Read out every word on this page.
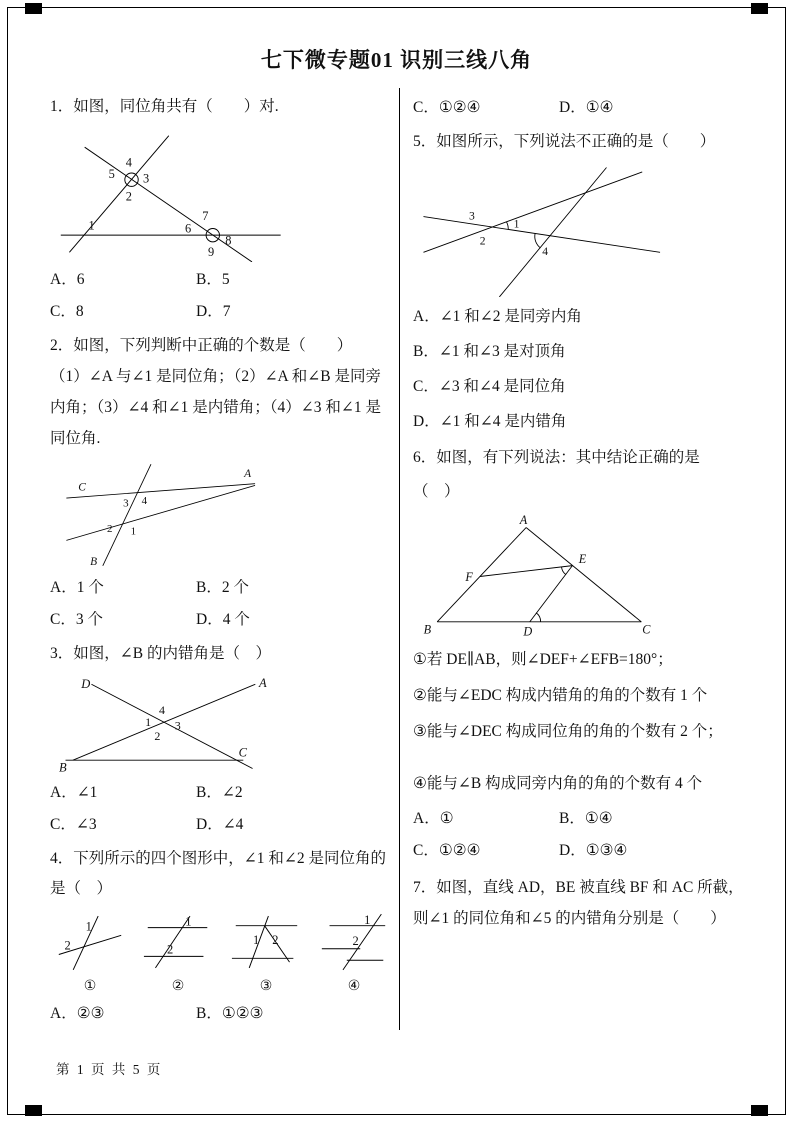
七下微专题01 识别三线八角

1．如图，同位角共有（　　）对.

4
5 3
2
1
7
6
8
9
A．6	B．5
C．8	D．7

2．如图，下列判断中正确的个数是（　　）

（1）∠A 与∠1 是同位角；（2）∠A 和∠B 是同旁内角；（3）∠4 和∠1 是内错角；（4）∠3 和∠1 是同位角.

C
A
B
3 4
2 1
A．1 个	B．2 个
C．3 个	D．4 个

3．如图，∠B 的内错角是（　）

D	A
B
C
4
1 3
2
A．∠1	B．∠2
C．∠3	D．∠4

4．下列所示的四个图形中，∠1 和∠2 是同位角的是（　）

1
2
①
1
2
②
1 2
③
1
2
④
A．②③	B．①②③
C．①②④	D．①④

5．如图所示，下列说法不正确的是（　　）

3
1
2
4

A．∠1 和∠2 是同旁内角

B．∠1 和∠3 是对顶角

C．∠3 和∠4 是同位角

D．∠1 和∠4 是内错角

6．如图，有下列说法：其中结论正确的是

（　）

A
B	C
D
E
F

①若 DE∥AB，则∠DEF+∠EFB=180°；

②能与∠EDC 构成内错角的角的个数有 1 个

③能与∠DEC 构成同位角的角的个数有 2 个；

④能与∠B 构成同旁内角的角的个数有 4 个

A．①	B．①④
C．①②④	D．①③④

7．如图，直线 AD，BE 被直线 BF 和 AC 所截，则∠1 的同位角和∠5 的内错角分别是（　　）

第 1 页 共 5 页
